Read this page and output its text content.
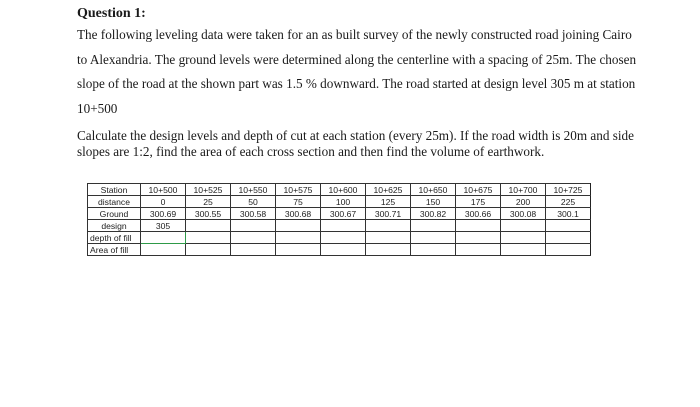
Question 1:
The following leveling data were taken for an as built survey of the newly constructed road joining Cairo to Alexandria. The ground levels were determined along the centerline with a spacing of 25m. The chosen slope of the road at the shown part was 1.5 % downward. The road started at design level 305 m at station 10+500
Calculate the design levels and depth of cut at each station (every 25m). If the road width is 20m and side slopes are 1:2, find the area of each cross section and then find the volume of earthwork.
Station	10+500	10+525	10+550	10+575	10+600	10+625	10+650	10+675	10+700	10+725
distance	0	25	50	75	100	125	150	175	200	225
Ground	300.69	300.55	300.58	300.68	300.67	300.71	300.82	300.66	300.08	300.1
design	305									
depth of fill										
Area of fill										
